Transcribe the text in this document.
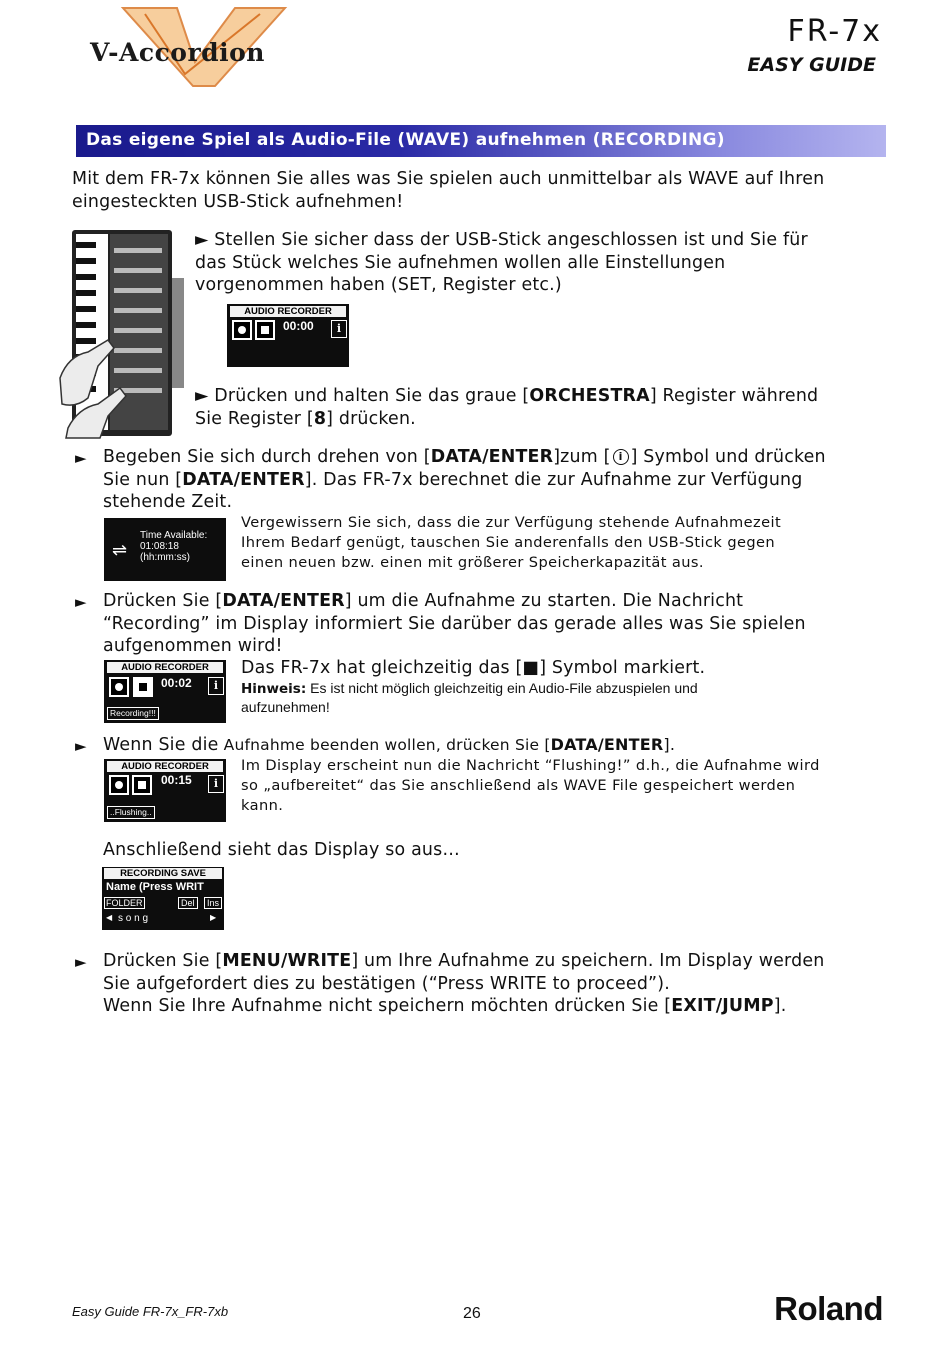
V-Accordion
FR-7x
EASY GUIDE
Das eigene Spiel als Audio-File (WAVE) aufnehmen (RECORDING)
Mit dem FR-7x können Sie alles was Sie spielen auch unmittelbar als WAVE auf Ihren
eingesteckten USB-Stick aufnehmen!
► Stellen Sie sicher dass der USB-Stick angeschlossen ist und Sie für
das Stück welches Sie aufnehmen wollen alle Einstellungen
vorgenommen haben (SET, Register etc.)
AUDIO RECORDER
00:00	i
► Drücken und halten Sie das graue [ORCHESTRA] Register während
Sie Register [8] drücken.
► Begeben Sie sich durch drehen von [DATA/ENTER]zum [ i ] Symbol und drücken
Sie nun [DATA/ENTER]. Das FR-7x berechnet die zur Aufnahme zur Verfügung
stehende Zeit.
⇌
Time Available:
01:08:18
(hh:mm:ss)
Vergewissern Sie sich, dass die zur Verfügung stehende Aufnahmezeit
Ihrem Bedarf genügt, tauschen Sie anderenfalls den USB-Stick gegen
einen neuen bzw. einen mit größerer Speicherkapazität aus.
► Drücken Sie [DATA/ENTER] um die Aufnahme zu starten. Die Nachricht
“Recording” im Display informiert Sie darüber das gerade alles was Sie spielen
aufgenommen wird!
AUDIO RECORDER
00:02	i
Recording!!!
Das FR-7x hat gleichzeitig das [■] Symbol markiert.
Hinweis: Es ist nicht möglich gleichzeitig ein Audio-File abzuspielen und
aufzunehmen!
► Wenn Sie die Aufnahme beenden wollen, drücken Sie [DATA/ENTER].
AUDIO RECORDER
00:15	i
..Flushing..
Im Display erscheint nun die Nachricht “Flushing!” d.h., die Aufnahme wird
so „aufbereitet“ das Sie anschließend als WAVE File gespeichert werden
kann.
Anschließend sieht das Display so aus…
RECORDING SAVE
Name (Press WRIT
FOLDER	Del	Ins
◀ s o n g	▶
► Drücken Sie [MENU/WRITE] um Ihre Aufnahme zu speichern. Im Display werden
Sie aufgefordert dies zu bestätigen (“Press WRITE to proceed”).
Wenn Sie Ihre Aufnahme nicht speichern möchten drücken Sie [EXIT/JUMP].
Easy Guide FR-7x_FR-7xb	26	Roland
